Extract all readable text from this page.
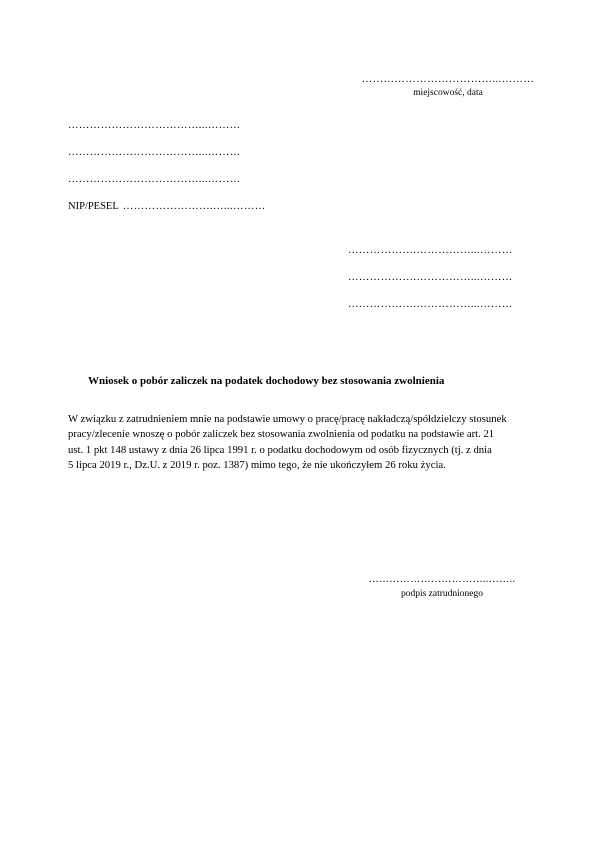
………………………………...………
miejscowość, data
………………………………...………
………………………………...………
………………………………...………
NIP/PESEL …………………….…...………
……………….……………...………
……………….……………...………
……………….……………...………
Wniosek o pobór zaliczek na podatek dochodowy bez stosowania zwolnienia
W związku z zatrudnieniem mnie na podstawie umowy o pracę/pracę nakładczą/spółdzielczy stosunek
pracy/zlecenie wnoszę o pobór zaliczek bez stosowania zwolnienia od podatku na podstawie art. 21
ust. 1 pkt 148 ustawy z dnia 26 lipca 1991 r. o podatku dochodowym od osób fizycznych (tj. z dnia
5 lipca 2019 r., Dz.U. z 2019 r. poz. 1387) mimo tego, że nie ukończyłem 26 roku życia.
……………………………..……..
podpis zatrudnionego
